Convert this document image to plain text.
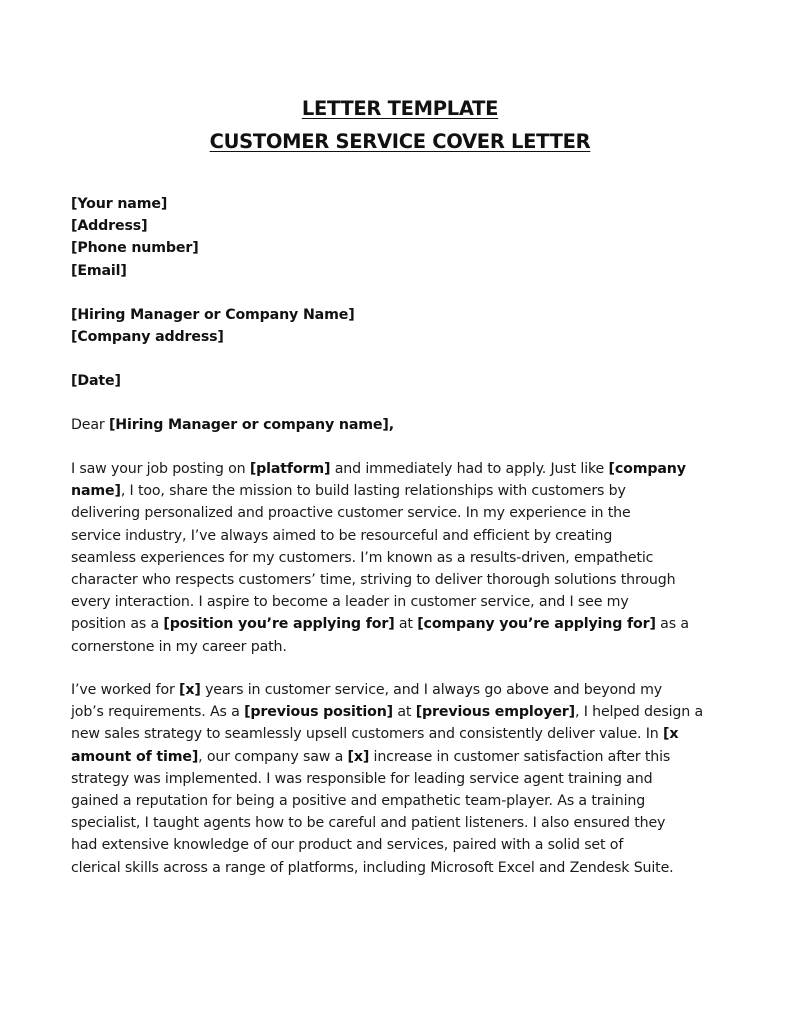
LETTER TEMPLATE
CUSTOMER SERVICE COVER LETTER
[Your name]
[Address]
[Phone number]
[Email]
[Hiring Manager or Company Name]
[Company address]
[Date]
Dear [Hiring Manager or company name],
I saw your job posting on [platform] and immediately had to apply. Just like [company
name], I too, share the mission to build lasting relationships with customers by
delivering personalized and proactive customer service. In my experience in the
service industry, I’ve always aimed to be resourceful and efficient by creating
seamless experiences for my customers. I’m known as a results-driven, empathetic
character who respects customers’ time, striving to deliver thorough solutions through
every interaction. I aspire to become a leader in customer service, and I see my
position as a [position you’re applying for] at [company you’re applying for] as a
cornerstone in my career path.
I’ve worked for [x] years in customer service, and I always go above and beyond my
job’s requirements. As a [previous position] at [previous employer], I helped design a
new sales strategy to seamlessly upsell customers and consistently deliver value. In [x
amount of time], our company saw a [x] increase in customer satisfaction after this
strategy was implemented. I was responsible for leading service agent training and
gained a reputation for being a positive and empathetic team-player. As a training
specialist, I taught agents how to be careful and patient listeners. I also ensured they
had extensive knowledge of our product and services, paired with a solid set of
clerical skills across a range of platforms, including Microsoft Excel and Zendesk Suite.
